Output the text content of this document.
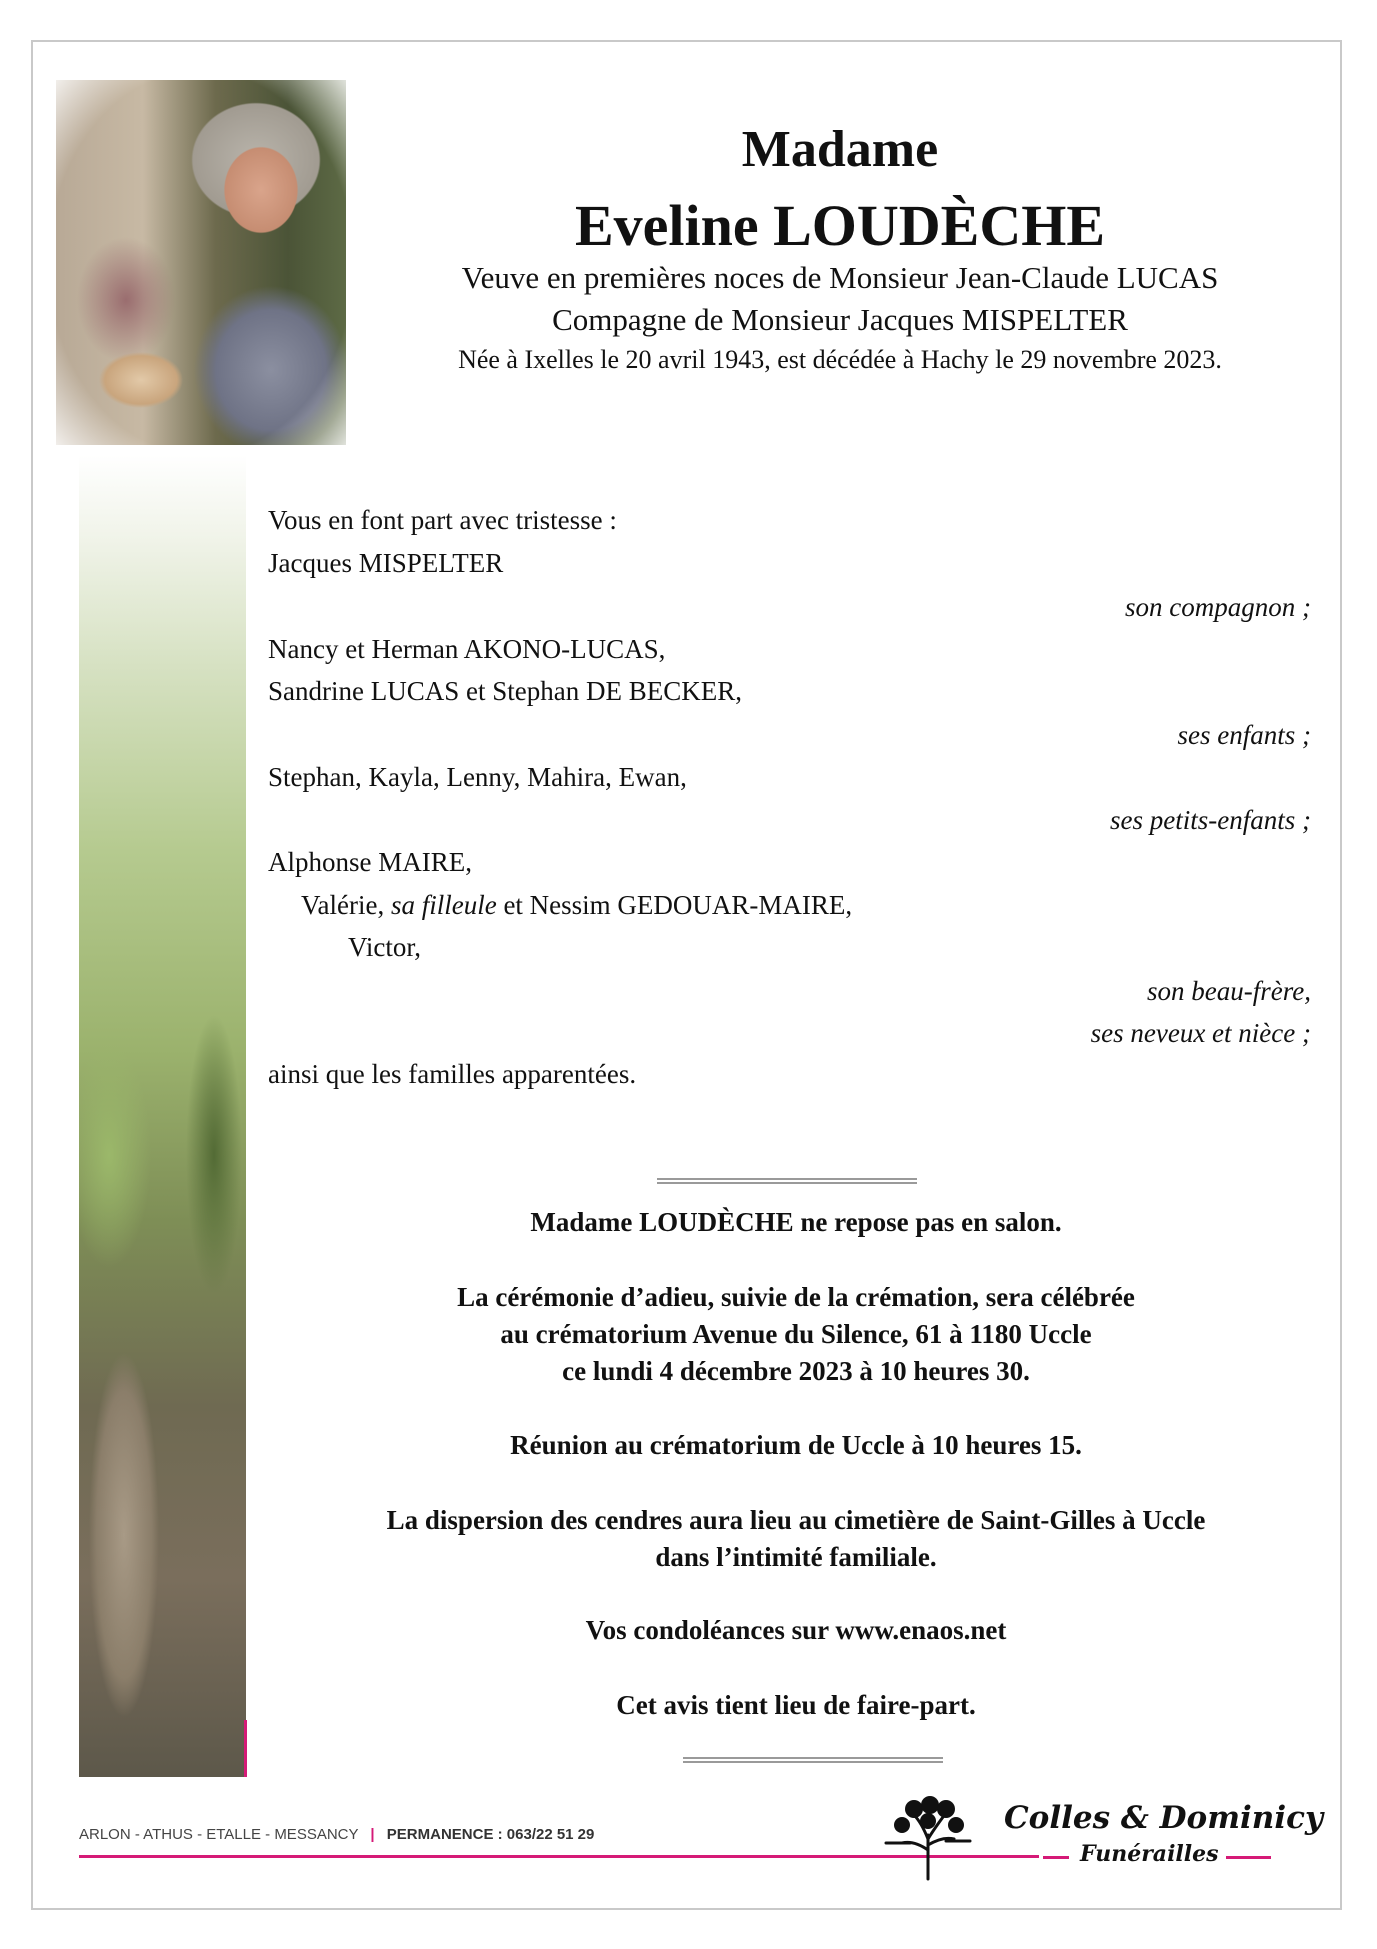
Madame
Eveline LOUDÈCHE
Veuve en premières noces de Monsieur Jean-Claude LUCAS
Compagne de Monsieur Jacques MISPELTER
Née à Ixelles le 20 avril 1943, est décédée à Hachy le 29 novembre 2023.
Vous en font part avec tristesse :
Jacques MISPELTER
son compagnon ;
Nancy et Herman AKONO-LUCAS,
Sandrine LUCAS et Stephan DE BECKER,
ses enfants ;
Stephan, Kayla, Lenny, Mahira, Ewan,
ses petits-enfants ;
Alphonse MAIRE,
Valérie, sa filleule et Nessim GEDOUAR-MAIRE,
Victor,
son beau-frère,
ses neveux et nièce ;
ainsi que les familles apparentées.
Madame LOUDÈCHE ne repose pas en salon.
La cérémonie d’adieu, suivie de la crémation, sera célébrée
au crématorium Avenue du Silence, 61 à 1180 Uccle
ce lundi 4 décembre 2023 à 10 heures 30.
Réunion au crématorium de Uccle à 10 heures 15.
La dispersion des cendres aura lieu au cimetière de Saint-Gilles à Uccle
dans l’intimité familiale.
Vos condoléances sur www.enaos.net
Cet avis tient lieu de faire-part.
ARLON - ATHUS - ETALLE - MESSANCY | PERMANENCE : 063/22 51 29	Colles & Dominicy
Funérailles
